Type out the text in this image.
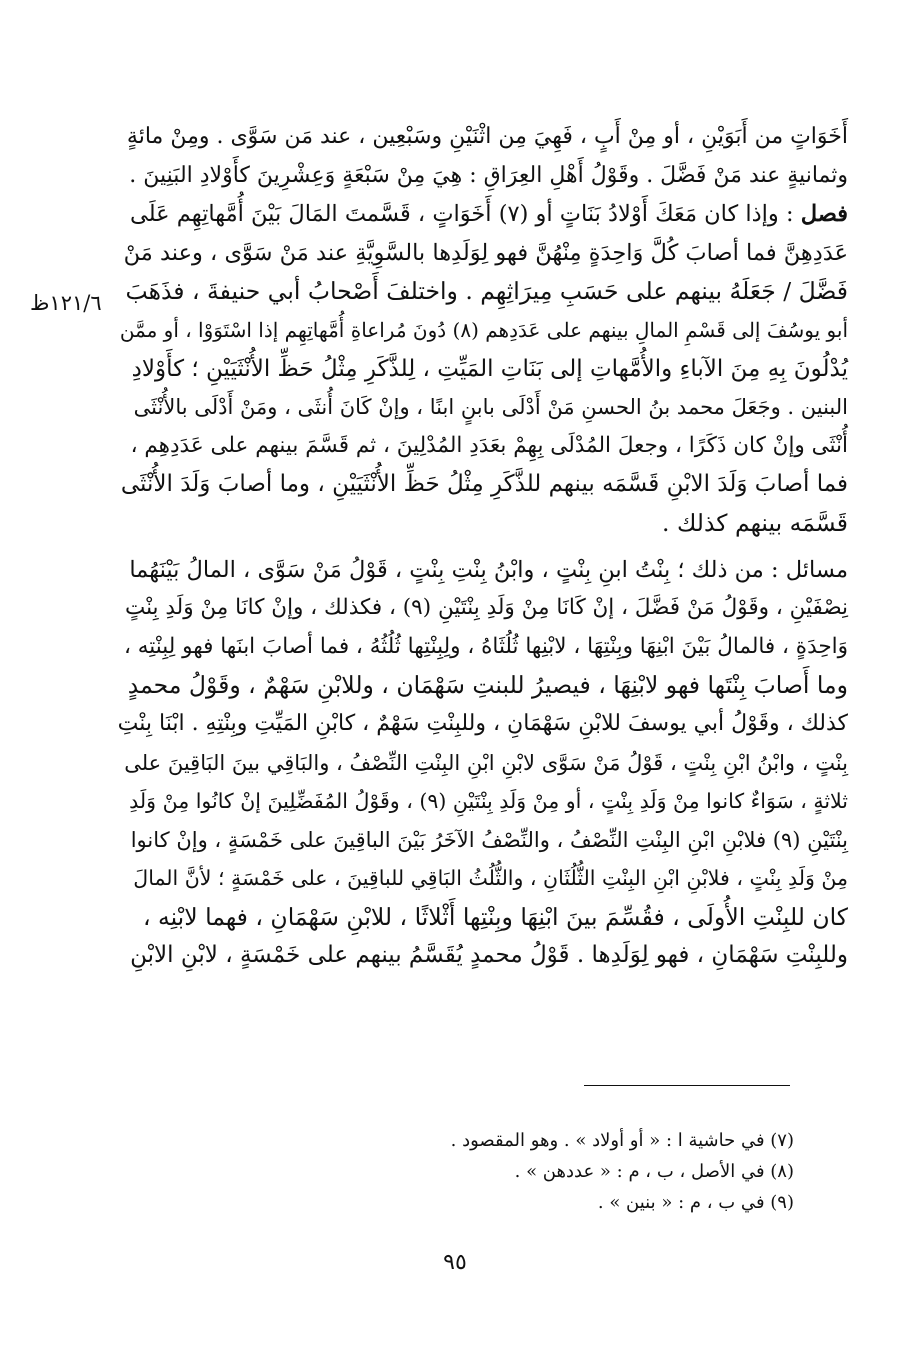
١٢١/٦ظ
أَخَوَاتٍ من أَبَوَيْنِ ، أو مِنْ أَبٍ ، فَهِيَ مِن اثْنَيْنِ وسَبْعِين ، عند مَن سَوَّى . ومِنْ مائةٍ
وثمانيةٍ عند مَنْ فَضَّلَ . وقَوْلُ أَهْلِ العِرَاقِ : هِيَ مِنْ سَبْعَةٍ وَعِشْرِينَ كأَوْلادِ البَنِينَ .
فصل : وإذا كان مَعَكَ أَوْلادُ بَنَاتٍ أو (٧) أَخَوَاتٍ ، قَسَّمتَ المَالَ بَيْنَ أُمَّهاتِهِم عَلَى
عَدَدِهِنَّ فما أصابَ كُلَّ وَاحِدَةٍ مِنْهُنَّ فهو لِوَلَدِها بالسَّوِيَّةِ عند مَنْ سَوَّى ، وعند مَنْ
فَضَّلَ / جَعَلَهُ بينهم على حَسَبِ مِيرَاثِهِم . واختلفَ أَصْحابُ أبي حنيفةَ ، فذَهَبَ
أبو يوسُفَ إلى قَسْمِ المالِ بينهم على عَدَدِهم (٨) دُونَ مُراعاةِ أُمَّهاتِهِم إذا اسْتَوَوْا ، أو ممَّن
يُدْلُونَ بِهِ مِنَ الآباءِ والأُمَّهاتِ إلى بَنَاتِ المَيِّتِ ، لِلذَّكَرِ مِثْلُ حَظِّ الأُنْثَيَيْنِ ؛ كأَوْلادِ
البنين . وجَعَلَ محمد بنُ الحسنِ مَنْ أَدْلَى بابنٍ ابنًا ، وإنْ كَانَ أُنثَى ، ومَنْ أَدْلَى بالأُنْثَى
أُنْثَى وإنْ كان ذَكَرًا ، وجعلَ المُدْلَى بِهِمْ بعَدَدِ المُدْلِينَ ، ثم قَسَّمَ بينهم على عَدَدِهِم ،
فما أصابَ وَلَدَ الابْنِ قَسَّمَه بينهم للذَّكَرِ مِثْلُ حَظِّ الأُنْثَيَيْنِ ، وما أصابَ وَلَدَ الأُنْثَى
قَسَّمَه بينهم كذلك .
مسائل : من ذلك ؛ بِنْتُ ابنِ بِنْتٍ ، وابْنُ بِنْتِ بِنْتٍ ، قَوْلُ مَنْ سَوَّى ، المالُ بَيْنَهُما
نِصْفَيْنِ ، وقَوْلُ مَنْ فَضَّلَ ، إنْ كَانَا مِنْ وَلَدِ بِنْتَيْنِ (٩) ، فكذلك ، وإنْ كانَا مِنْ وَلَدِ بِنْتٍ
وَاحِدَةٍ ، فالمالُ بَيْنَ ابْنِهَا وبِنْتِهَا ، لابْنِها ثُلُثَاهُ ، ولِبِنْتِها ثُلُثُهُ ، فما أصابَ ابنَها فهو لِبِنْتِه ،
وما أَصابَ بِنْتَها فهو لابْنِهَا ، فيصيرُ للبنتِ سَهْمَان ، وللابْنِ سَهْمٌ ، وقَوْلُ محمدٍ
كذلك ، وقَوْلُ أبي يوسفَ للابْنِ سَهْمَانِ ، وللبِنْتِ سَهْمٌ ، كابْنِ المَيِّتِ وبِنْتِهِ . ابْنَا بِنْتِ
بِنْتٍ ، وابْنُ ابْنِ بِنْتٍ ، قَوْلُ مَنْ سَوَّى لابْنِ ابْنِ البِنْتِ النِّصْفُ ، والبَاقِي بينَ البَاقِينَ على
ثلاثةٍ ، سَوَاءٌ كانوا مِنْ وَلَدِ بِنْتٍ ، أو مِنْ وَلَدِ بِنْتَيْنِ (٩) ، وقَوْلُ المُفَضِّلِينَ إنْ كانُوا مِنْ وَلَدِ
بِنْتَيْنِ (٩) فلابْنِ ابْنِ البِنْتِ النِّصْفُ ، والنِّصْفُ الآخَرُ بَيْنَ الباقِينَ على خَمْسَةٍ ، وإنْ كانوا
مِنْ وَلَدِ بِنْتٍ ، فلابْنِ ابْنِ البِنْتِ الثُّلُثَانِ ، والثُّلُثُ البَاقِي للباقِينَ ، على خَمْسَةٍ ؛ لأنَّ المالَ
كان للبِنْتِ الأُولَى ، فقُسِّمَ بينَ ابْنِهَا وبِنْتِها أَثْلاثًا ، للابْنِ سَهْمَانِ ، فهما لابْنِه ،
وللبِنْتِ سَهْمَانِ ، فهو لِوَلَدِها . قَوْلُ محمدٍ يُقَسَّمُ بينهم على خَمْسَةٍ ، لابْنِ الابْنِ
(٧) في حاشية ا : « أو أولاد » . وهو المقصود .
(٨) في الأصل ، ب ، م : « عددهن » .
(٩) في ب ، م : « بنين » .
٩٥
